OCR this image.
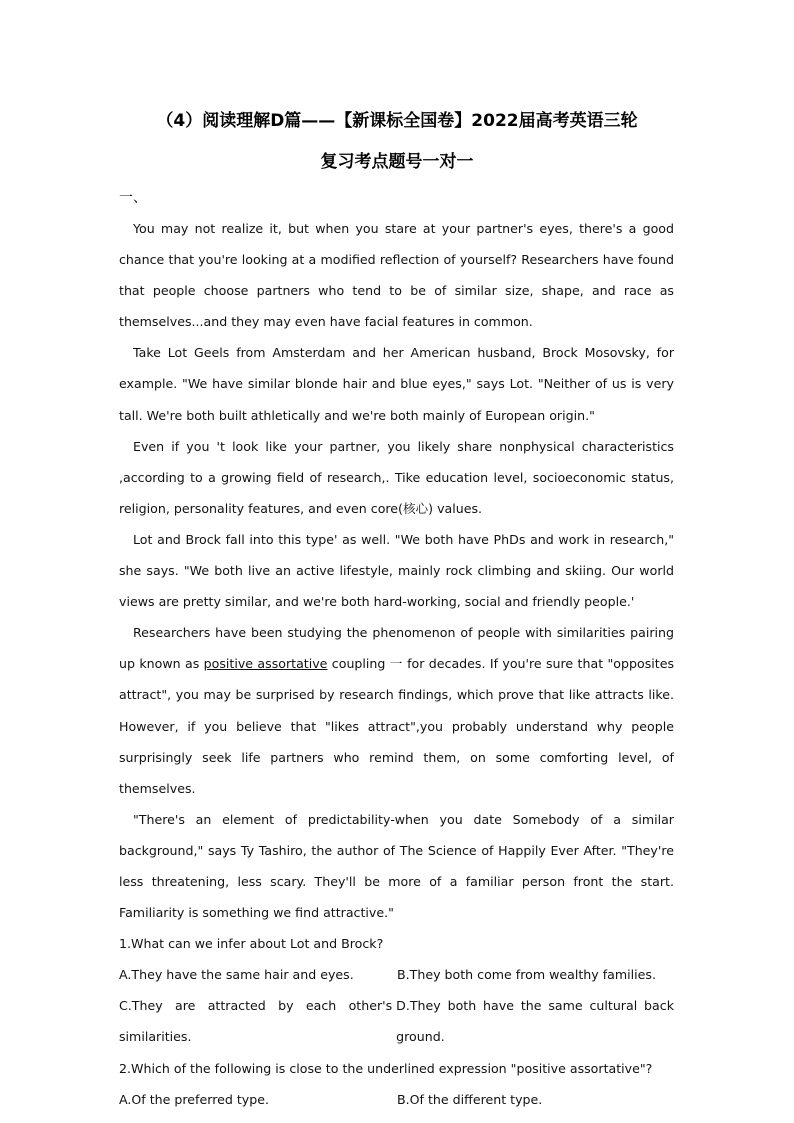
（4）阅读理解D篇——【新课标全国卷】2022届高考英语三轮
复习考点题号一对一
一、

You may not realize it, but when you stare at your partner's eyes, there's a good chance that you're looking at a modified reflection of yourself? Researchers have found that people choose partners who tend to be of similar size, shape, and race as themselves...and they may even have facial features in common.

Take Lot Geels from Amsterdam and her American husband, Brock Mosovsky, for example. "We have similar blonde hair and blue eyes," says Lot. "Neither of us is very tall. We're both built athletically and we're both mainly of European origin."

Even if you 't look like your partner, you likely share nonphysical characteristics ,according to a growing field of research,. Tike education level, socioeconomic status, religion, personality features, and even core(核心) values.

Lot and Brock fall into this type' as well. "We both have PhDs and work in research," she says. "We both live an active lifestyle, mainly rock climbing and skiing. Our world views are pretty similar, and we're both hard-working, social and friendly people.'

Researchers have been studying the phenomenon of people with similarities pairing up known as positive assortative coupling 一 for decades. If you're sure that "opposites attract", you may be surprised by research findings, which prove that like attracts like. However, if you believe that "likes attract",you probably understand why people surprisingly seek life partners who remind them, on some comforting level, of themselves.

"There's an element of predictability-when you date Somebody of a similar background," says Ty Tashiro, the author of The Science of Happily Ever After. "They're less threatening, less scary. They'll be more of a familiar person front the start. Familiarity is something we find attractive."

1.What can we infer about Lot and Brock?
A.They have the same hair and eyes.	B.They both come from wealthy families.
C.They are attracted by each other's similarities.
D.They both have the same cultural back ground.
2.Which of the following is close to the underlined expression "positive assortative"?
A.Of the preferred type.	B.Of the different type.
